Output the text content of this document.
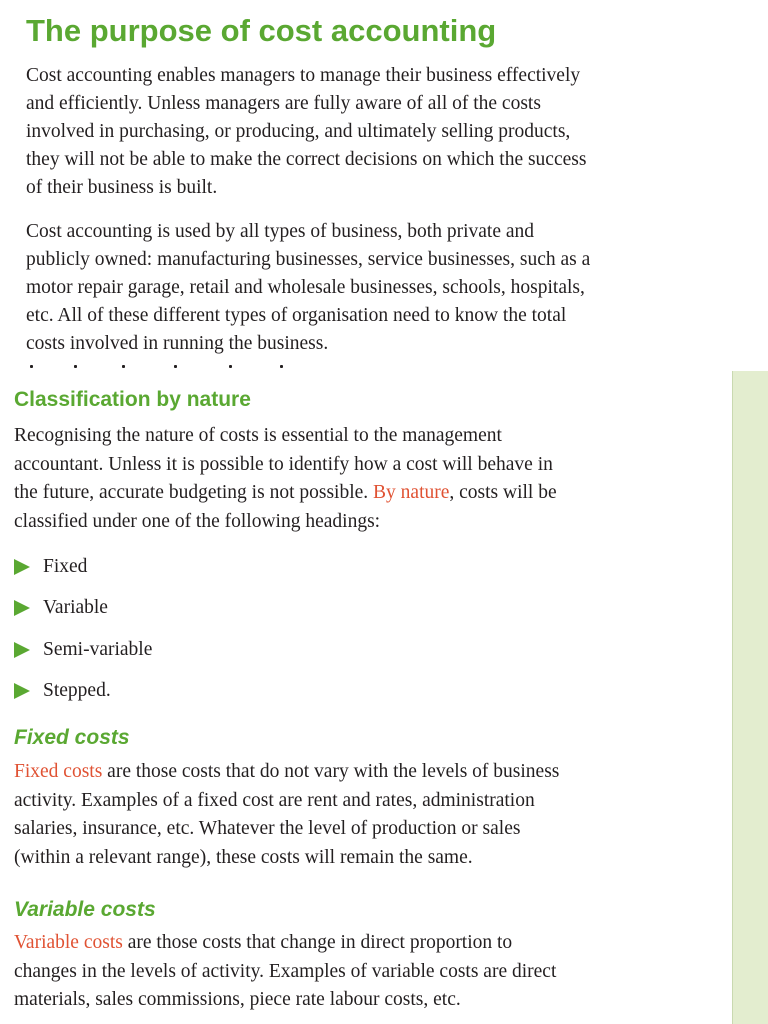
The purpose of cost accounting

Cost accounting enables managers to manage their business effectively
and efficiently. Unless managers are fully aware of all of the costs
involved in purchasing, or producing, and ultimately selling products,
they will not be able to make the correct decisions on which the success
of their business is built.

Cost accounting is used by all types of business, both private and
publicly owned: manufacturing businesses, service businesses, such as a
motor repair garage, retail and wholesale businesses, schools, hospitals,
etc. All of these different types of organisation need to know the total
costs involved in running the business.

Classification by nature

Recognising the nature of costs is essential to the management
accountant. Unless it is possible to identify how a cost will behave in
the future, accurate budgeting is not possible. By nature, costs will be
classified under one of the following headings:

Fixed
Variable
Semi-variable
Stepped.
Fixed costs

Fixed costs are those costs that do not vary with the levels of business
activity. Examples of a fixed cost are rent and rates, administration
salaries, insurance, etc. Whatever the level of production or sales
(within a relevant range), these costs will remain the same.

Variable costs

Variable costs are those costs that change in direct proportion to
changes in the levels of activity. Examples of variable costs are direct
materials, sales commissions, piece rate labour costs, etc.
